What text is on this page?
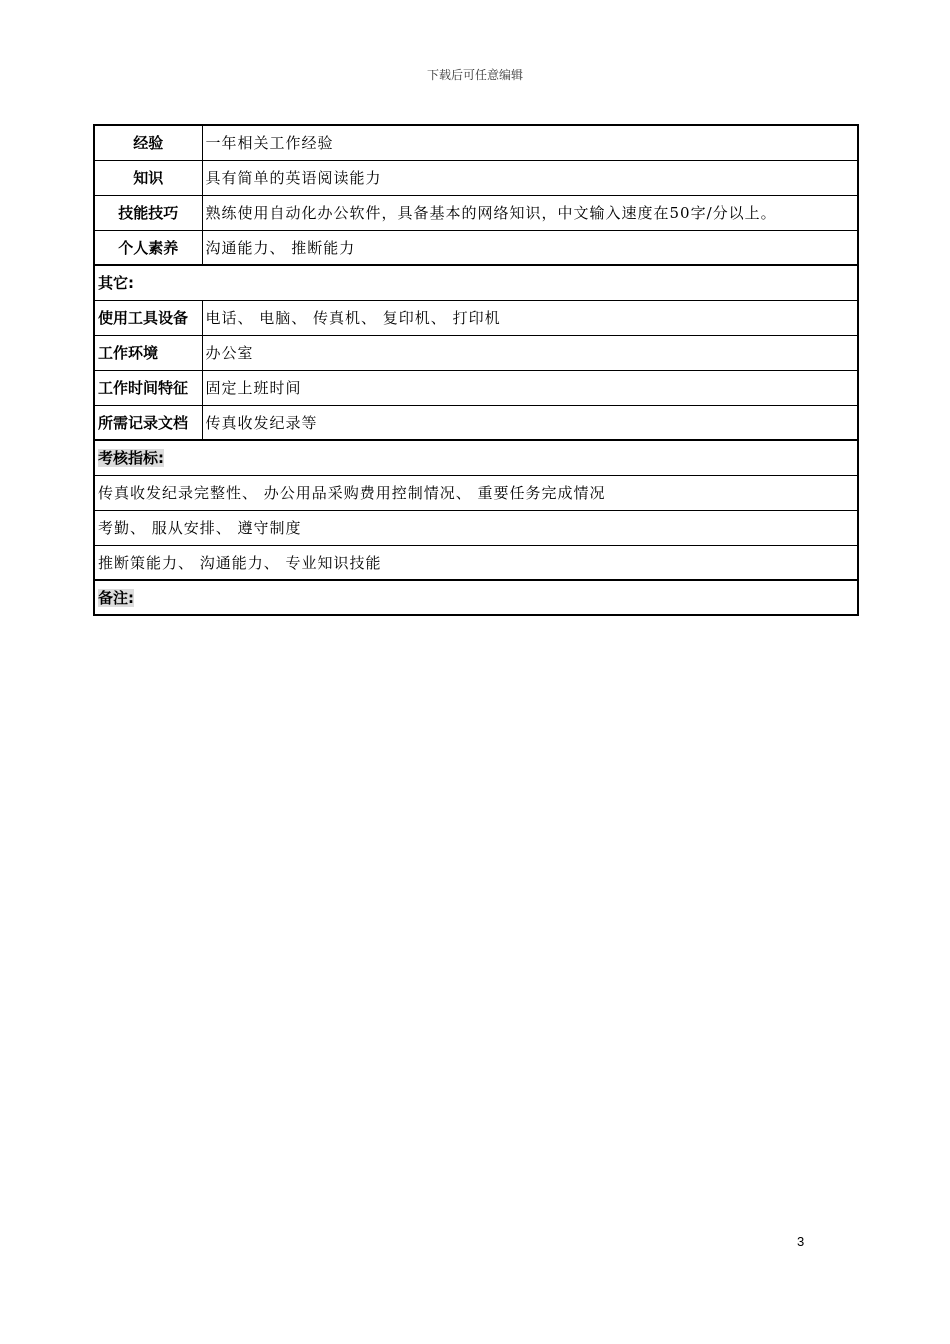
下载后可任意编辑
经验	一年相关工作经验
知识	具有简单的英语阅读能力
技能技巧	熟练使用自动化办公软件，具备基本的网络知识，中文输入速度在50字/分以上。
个人素养	沟通能力、 推断能力
其它:	
使用工具设备	电话、 电脑、 传真机、 复印机、 打印机
工作环境	办公室
工作时间特征	固定上班时间
所需记录文档	传真收发纪录等
考核指标:	
传真收发纪录完整性、 办公用品采购费用控制情况、 重要任务完成情况	
考勤、 服从安排、 遵守制度	
推断策能力、 沟通能力、 专业知识技能	
备注:	
3
